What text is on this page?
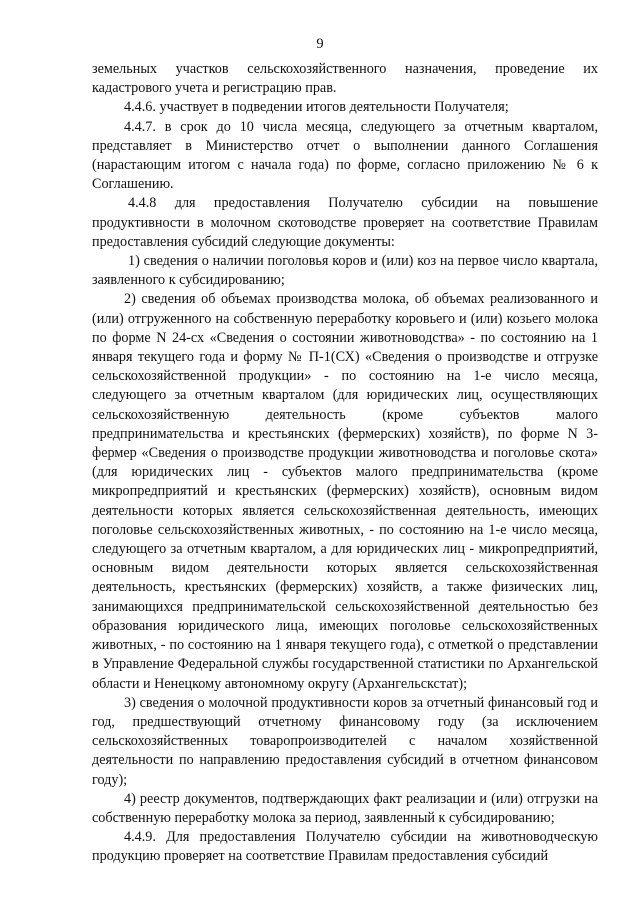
9

земельных участков сельскохозяйственного назначения, проведение их кадастрового учета и регистрацию прав.

4.4.6. участвует в подведении итогов деятельности Получателя;

4.4.7. в срок до 10 числа месяца, следующего за отчетным кварталом, представляет в Министерство отчет о выполнении данного Соглашения (нарастающим итогом с начала года) по форме, согласно приложению № 6 к Соглашению.

4.4.8 для предоставления Получателю субсидии на повышение продуктивности в молочном скотоводстве проверяет на соответствие Правилам предоставления субсидий следующие документы:

1) сведения о наличии поголовья коров и (или) коз на первое число квартала, заявленного к субсидированию;

2) сведения об объемах производства молока, об объемах реализованного и (или) отгруженного на собственную переработку коровьего и (или) козьего молока по форме N 24-сх «Сведения о состоянии животноводства» - по состоянию на 1 января текущего года и форму № П-1(СХ) «Сведения о производстве и отгрузке сельскохозяйственной продукции» - по состоянию на 1-е число месяца, следующего за отчетным кварталом (для юридических лиц, осуществляющих сельскохозяйственную деятельность (кроме субъектов малого предпринимательства и крестьянских (фермерских) хозяйств), по форме N 3-фермер «Сведения о производстве продукции животноводства и поголовье скота» (для юридических лиц - субъектов малого предпринимательства (кроме микропредприятий и крестьянских (фермерских) хозяйств), основным видом деятельности которых является сельскохозяйственная деятельность, имеющих поголовье сельскохозяйственных животных, - по состоянию на 1-е число месяца, следующего за отчетным кварталом, а для юридических лиц - микропредприятий, основным видом деятельности которых является сельскохозяйственная деятельность, крестьянских (фермерских) хозяйств, а также физических лиц, занимающихся предпринимательской сельскохозяйственной деятельностью без образования юридического лица, имеющих поголовье сельскохозяйственных животных, - по состоянию на 1 января текущего года), с отметкой о представлении в Управление Федеральной службы государственной статистики по Архангельской области и Ненецкому автономному округу (Архангельскстат);

3) сведения о молочной продуктивности коров за отчетный финансовый год и год, предшествующий отчетному финансовому году (за исключением сельскохозяйственных товаропроизводителей с началом хозяйственной деятельности по направлению предоставления субсидий в отчетном финансовом году);

4) реестр документов, подтверждающих факт реализации и (или) отгрузки на собственную переработку молока за период, заявленный к субсидированию;

4.4.9. Для предоставления Получателю субсидии на животноводческую продукцию проверяет на соответствие Правилам предоставления субсидий
